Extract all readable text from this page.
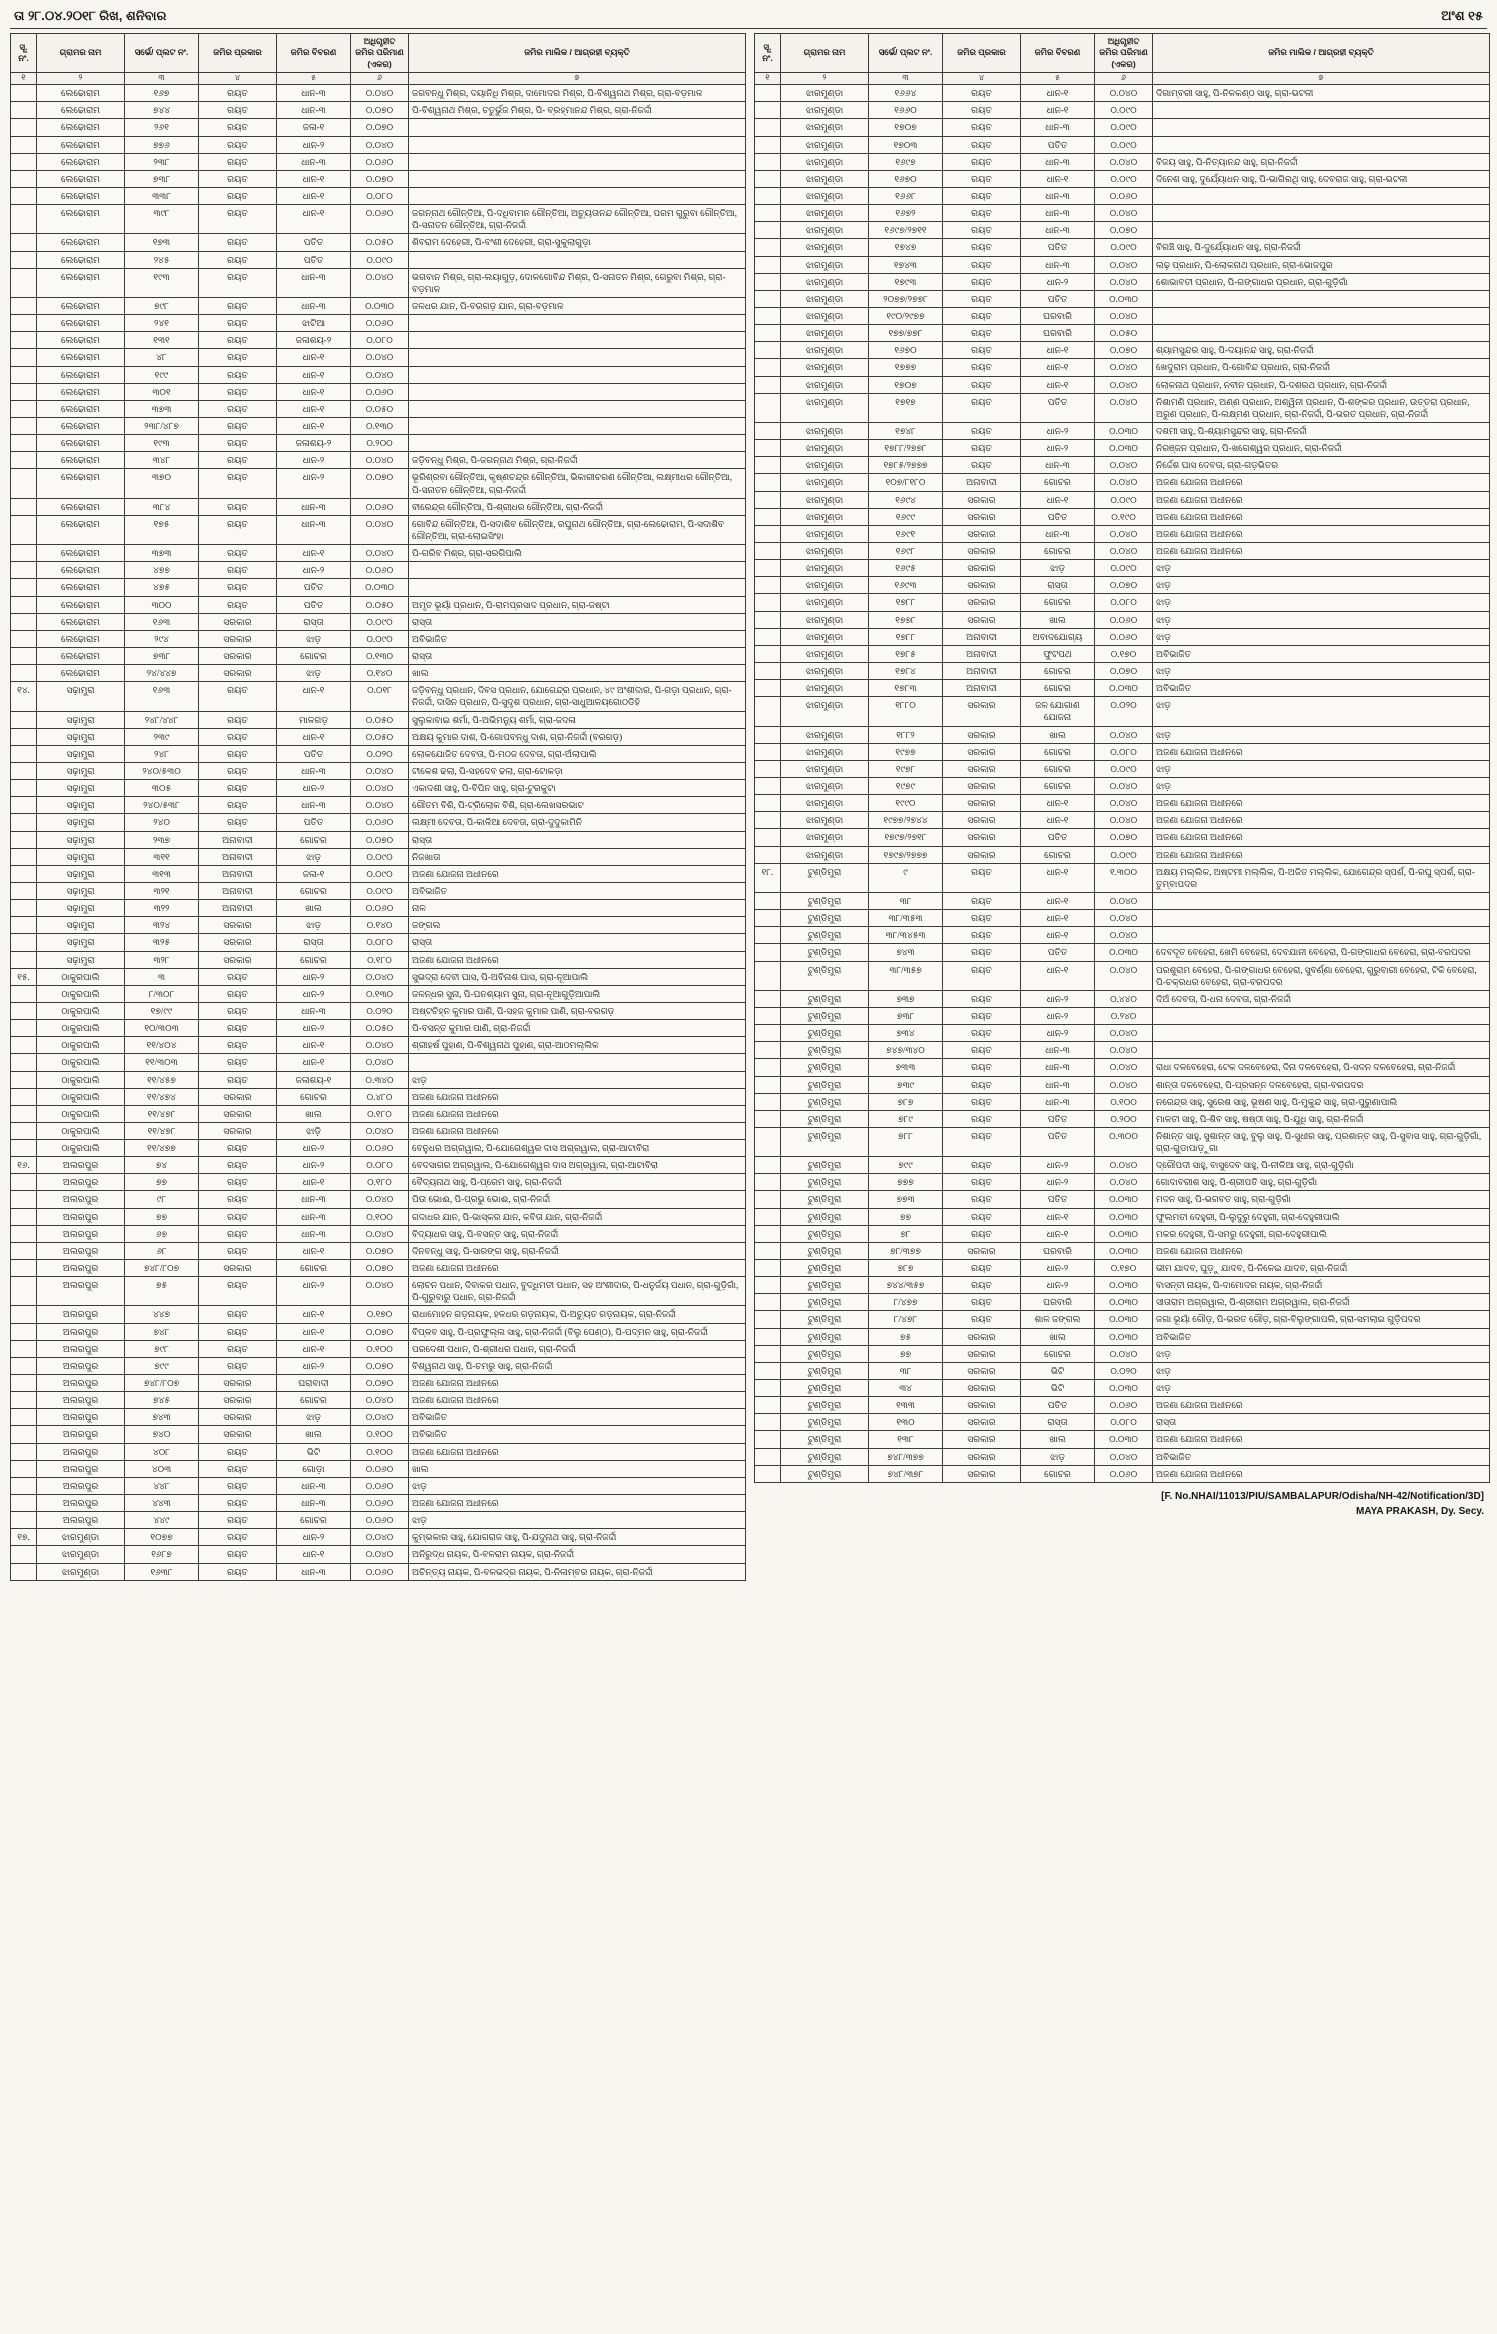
ତା ୨୮.୦୪.୨୦୧୮ ରିଖ, ଶନିବାର	ଅଂଶ ୧୫
ସୂ. ନଂ.	ଗ୍ରାମର ନାମ	ସର୍ଭେ/ ପ୍ଲଟ ନଂ.	ଜମିର ପ୍ରକାର	ଜମିର ବିବରଣ	ଅଧିଗୃହୀତ ଜମିର ପରିମାଣ (ଏକର)	ଜମିର ମାଲିକ / ଆଗ୍ରହୀ ବ୍ୟକ୍ତି
୧	୨	୩	୪	୫	୬	୭
	ଲେଢୋରାମ	୧୬୭	ରୟତ	ଧାନ-୩	୦.୦୪୦	ଜଗବନ୍ଧୁ ମିଶ୍ର, ଦୟାନିଧି ମିଶ୍ର, ଦାମୋଦର ମିଶ୍ର, ପି-ବିଶ୍ୱନାଥ ମିଶ୍ର, ଗ୍ରା-ବଡ଼ମାଳ
	ଲେଢୋରାମ	୭୪୪	ରୟତ	ଧାନ-୩	୦.୦୭୦	ପି-ବିଶ୍ୱନାଥ ମିଶ୍ର, ଚତୁର୍ଭୁଜ ମିଶ୍ର, ପି- ବ୍ରହ୍ମାନନ୍ଦ ମିଶ୍ର, ଗ୍ରା-ନିଜର୍ଦ୍ଦୀ
	ଲେଢୋରାମ	୨୬୧	ରୟତ	ଜଳା-୧	୦.୦୭୦	
	ଲେଢୋରାମ	୭୭୬	ରୟତ	ଧାନ-୨	୦.୦୪୦	
	ଲେଢୋରାମ	୨୩୮	ରୟତ	ଧାନ-୩	୦.୦୬୦	
	ଲେଢୋରାମ	୭୩୮	ରୟତ	ଧାନ-୧	୦.୦୭୦	
	ଲେଢୋରାମ	୩୩୮	ରୟତ	ଧାନ-୧	୦.୦୮୦	
	ଲେଢୋରାମ	୩୯୮	ରୟତ	ଧାନ-୧	୦.୦୬୦	ଜଗନ୍ନାଥ ଗୌନ୍ତିଆ, ପି-ଦଧିବାମନ ଗୌନ୍ତିଆ, ଅଚ୍ୟୁତାନନ୍ଦ ଗୌନ୍ତିଆ, ପରମ ଗୁରୁବା ଗୌନ୍ତିଆ, ପି-ସନାତନ ଗୌନ୍ତିଆ, ଗ୍ରା-ନିଜର୍ଦ୍ଦୀ
	ଲେଢୋରାମ	୧୭୩	ରୟତ	ପତିତ	୦.୦୫୦	ଶିବରାମ ଦେହେରୀ, ପି-ବଂଶୀ ଦେହେରୀ, ଗ୍ରା-ସୁକୁଲାଗୁଡ଼ା
	ଲେଢୋରାମ	୨୪୫	ରୟତ	ପତିତ	୦.୦୯୦	
	ଲେଢୋରାମ	୧୯୩	ରୟତ	ଧାନ-୩	୦.୦୪୦	ଭଗବାନ ମିଶ୍ର, ଗ୍ରା-ଲୟାଗୁଡ଼, ଦୋଳଗୋବିନ୍ଦ ମିଶ୍ର, ପି-ସନାତନ ମିଶ୍ର, ଗେରୁବା ମିଶ୍ର, ଗ୍ରା-ବଡ଼ମାଳ
	ଲେଢୋରାମ	୭୯୮	ରୟତ	ଧାନ-୩	୦.୦୩୦	ଜଳଧର ଯାନ, ପି-ବରଗଡ଼ ଯାନ, ଗ୍ରା-ବଡ଼ମାଳ
	ଲେଢୋରାମ	୨୪୧	ରୟତ	ଝାଟିଆ	୦.୦୬୦	
	ଲେଢୋରାମ	୧୩୧	ରୟତ	ଜଳାଶୟ-୨	୦.୦୮୦	
	ଲେଢୋରାମ	୪୮	ରୟତ	ଧାନ-୧	୦.୦୪୦	
	ଲେଢୋରାମ	୧୯୯	ରୟତ	ଧାନ-୧	୦.୦୪୦	
	ଲେଢୋରାମ	୩୦୧	ରୟତ	ଧାନ-୧	୦.୦୬୦	
	ଲେଢୋରାମ	୩୭୩	ରୟତ	ଧାନ-୧	୦.୦୫୦	
	ଲେଢୋରାମ	୨୩୮/୪୮୭	ରୟତ	ଧାନ-୧	୦.୧୩୦	
	ଲେଢୋରାମ	୧୯୩	ରୟତ	ଜଳାଶୟ-୨	୦.୨୦୦	
	ଲେଢୋରାମ	୩୪୮	ରୟତ	ଧାନ-୨	୦.୦୪୦	ଜଡ଼ିବନ୍ଧୁ ମିଶ୍ର, ପି-ଜଗନ୍ନାଥ ମିଶ୍ର, ଗ୍ରା-ନିଜର୍ଦ୍ଦୀ
	ଲେଢୋରାମ	୩୭୦	ରୟତ	ଧାନ-୨	୦.୦୭୦	ଭୂରିଶ୍ରବା ଗୌନ୍ତିଆ, କୃଷ୍ଣଚନ୍ଦ୍ର ଗୌନ୍ତିଆ, ଭିକାରୀଚରଣ ଗୌନ୍ତିଆ, ଲକ୍ଷ୍ମୀଧର ଗୌନ୍ତିଆ, ପି-ସନାତନ ଗୌନ୍ତିଆ, ଗ୍ରା-ନିଜର୍ଦ୍ଦୀ
	ଲେଢୋରାମ	୩୮୪	ରୟତ	ଧାନ-୩	୦.୦୬୦	ବୀରେନ୍ଦ୍ର ଗୌନ୍ତିଆ, ପି-ଶ୍ରୀଧର ଗୌନ୍ତିଆ, ଗ୍ରା-ନିଜର୍ଦ୍ଦୀ
	ଲେଢୋରାମ	୧୭୫	ରୟତ	ଧାନ-୩	୦.୦୪୦	ଗୋବିନ୍ଦ ଗୌନ୍ତିଆ, ପି-ସଦାଶିବ ଗୌନ୍ତିଆ, ରଘୁନାଥ ଗୌନ୍ତିଆ, ଗ୍ରା-ଲେଢୋରାମ, ପି-ସଦାଶିବ ଗୌନ୍ତିଆ, ଗ୍ରା-ଲୋଇସିଂହା
	ଲେଢୋରାମ	୩୭୩	ରୟତ	ଧାନ-୧	୦.୦୪୦	ପି-ଗରିବ ମିଶ୍ର, ଗ୍ରା-ସରଗିପାଲି
	ଲେଢୋରାମ	୪୭୭	ରୟତ	ଧାନ-୨	୦.୦୬୦	
	ଲେଢୋରାମ	୪୭୫	ରୟତ	ପତିତ	୦.୦୩୦	
	ଲେଢୋରାମ	୩୦୦	ରୟତ	ପତିତ	୦.୦୫୦	ଅମୃତ ଭୂୟାଁ ପ୍ରଧାନ, ପି-ରାମପ୍ରସାଦ ପ୍ରଧାନ, ଗ୍ରା-ଜଷ୍ଟା
	ଲେଢୋରାମ	୧୬୩	ସରକାର	ରାସ୍ତା	୦.୦୯୦	ରାସ୍ତା
	ଲେଢୋରାମ	୨୯୪	ସରକାର	ଝାଡ଼	୦.୦୯୦	ଅବିଭାଜିତ
	ଲେଢୋରାମ	୭୩୮	ସରକାର	ଗୋଚର	୦.୧୩୦	ରାସ୍ତା
	ଲେଢୋରାମ	୨୪/୪୪୭	ସରକାର	ଝାଡ଼	୦.୧୪୦	ଖାଲ
୧୪.	ସଢ଼ାମୁରା	୧୬୩	ରୟତ	ଧାନ-୧	୦.୦୧୮	ଜଡ଼ିବନ୍ଧୁ ପ୍ରଧାନ, ଦିବସ ପ୍ରଧାନ, ଯୋଗେନ୍ଦ୍ର ପ୍ରଧାନ, ୪୯ ଅଂଶୀଦାର, ପି-ଗଡ଼ା ପ୍ରଧାନ, ଗ୍ରା-ନିଜର୍ଦ୍ଦୀ, ଦାସିନ ପ୍ରଧାନ, ପି-ସୁଦୃଶ ପ୍ରଧାନ, ଗ୍ରା-ସାଧୁଆଳୟଗୋଠଡିହି
	ସଢ଼ାମୁରା	୨୪୮/୪୪୮	ରୟତ	ମାଳଗଡ଼	୦.୦୫୦	ସୁଲୁକାବାଇ ଶର୍ମା, ପି-ଅଭିମନ୍ୟୁ ଶର୍ମା, ଗ୍ରା-ଜଦଳା
	ସଢ଼ାମୁରା	୨୩୯	ରୟତ	ଧାନ-୧	୦.୦୫୦	ଅକ୍ଷୟ କୁମାର ଦାଶ, ପି-ଗୋପବନ୍ଧୁ ଦାଶ, ଗ୍ରା-ନିଜର୍ଦ୍ଦୀ (ବରଗଡ଼)
	ସଢ଼ାମୁରା	୨୪୮	ରୟତ	ପତିତ	୦.୦୨୦	ଲୋକଯୋଜିତ ଦେବତା, ପି-ମଠଜ ଦେବତା, ଗ୍ରା-ଅଁଲାପାଲି
	ସଢ଼ାମୁରା	୨୪୦/୫୩୦	ରୟତ	ଧାନ-୩	୦.୦୪୦	ଟୀକେଶ ଢଲା, ପି-ସହଦେବ ଢଲା, ଗ୍ରା-ଟୋକଡ଼ା
	ସଢ଼ାମୁରା	୩୦୫	ରୟତ	ଧାନ-୨	୦.୦୪୦	ଏକାଦଶୀ ସାହୁ, ପି-ବିପିନ ସାହୁ, ଗ୍ରା-ଟୁରକୁଟା
	ସଢ଼ାମୁରା	୨୪୦/୫୩୮	ରୟତ	ଧାନ-୩	୦.୦୪୦	ଗୌତମ ବିଶି, ପି-ଟ୍ରିଲୋକ ବିଶି, ଗ୍ରା-ଲେଖସରଭାଟ
	ସଢ଼ାମୁରା	୨୪୦	ରୟତ	ପତିତ	୦.୦୬୦	ଲକ୍ଷ୍ମୀ ଦେବତା, ପି-କାଳିଆ ଦେବତା, ଗ୍ରା-ଦୁଦୁକାମିନି
	ସଢ଼ାମୁରା	୨୩୭	ଅନାବାଦୀ	ଗୋଚର	୦.୦୭୦	ରାସ୍ତା
	ସଢ଼ାମୁରା	୩୧୧	ଅନାବାଦୀ	ଝାଡ଼	୦.୦୯୦	ନିଜଖାତା
	ସଢ଼ାମୁରା	୩୧୩	ଅନାବାଦୀ	ଜଳା-୧	୦.୦୯୦	ଅଜଣା ଯୋଜନା ଅଧୀନରେ
	ସଢ଼ାମୁରା	୩୨୧	ଅନାବାଦୀ	ଗୋଚର	୦.୦୯୦	ଅବିଭାଜିତ
	ସଢ଼ାମୁରା	୩୨୨	ଅନାବାଦୀ	ଖାଲ	୦.୦୬୦	ନାଳ
	ସଢ଼ାମୁରା	୩୨୪	ସରକାର	ଝାଡ଼	୦.୧୪୦	ଜଙ୍ଗଲ
	ସଢ଼ାମୁରା	୩୨୫	ସରକାର	ରାସ୍ତା	୦.୦୮୦	ରାସ୍ତା
	ସଢ଼ାମୁରା	୩୨୮	ସରକାର	ଗୋଚର	୦.୧୮୦	ଅଜଣା ଯୋଜନା ଅଧୀନରେ
୧୫.	ଠାକୁରପାଲି	୩	ରୟତ	ଧାନ-୨	୦.୦୪୦	ସୁଭଦ୍ରା ଦେବୀ ଘାସ, ପି-ଅବିନାଶ ଘାସ, ଗ୍ରା-ନୂଆପାଲି
	ଠାକୁରପାଲି	୮/୩୦୮	ରୟତ	ଧାନ-୨	୦.୧୩୦	ଜଳନ୍ଧର ସୁନା, ପି-ଘନଶ୍ୟାମ ସୁନା, ଗ୍ରା-ନୂଆଗୁଡ଼ିଆପାଲି
	ଠାକୁରପାଲି	୧୭/୯୯	ରୟତ	ଧାନ-୩	୦.୦୨୦	ଅଷ୍ଟଚିହ୍ନ କୁମାର ପାଣି, ପି-ସହଜ କୁମାର ପାଣି, ଗ୍ରା-ବରଗଡ଼
	ଠାକୁରପାଲି	୧୦/୩୦୩	ରୟତ	ଧାନ-୨	୦.୦୫୦	ପି-ବସନ୍ତ କୁମାର ପାଣି, ଗ୍ରା-ନିଜର୍ଦ୍ଦୀ
	ଠାକୁରପାଲି	୧୧/୪୦୪	ରୟତ	ଧାନ-୧	୦.୦୪୦	ଶ୍ରୀହର୍ଷ ପୁହାଣ, ପି-ବିଶ୍ୱନାଥ ପୁହାଣ, ଗ୍ରା-ଆଠମଲ୍ଲିକ
	ଠାକୁରପାଲି	୧୧/୩୦୩	ରୟତ	ଧାନ-୧	୦.୦୪୦	
	ଠାକୁରପାଲି	୧୧/୪୫୭	ରୟତ	ଜଳାଶୟ-୧	୦.୩୪୦	ଝାଡ଼
	ଠାକୁରପାଲି	୧୧/୪୭୪	ସରକାର	ଗୋଚର	୦.୪୮୦	ଅଜଣା ଯୋଜନା ଅଧୀନରେ
	ଠାକୁରପାଲି	୧୧/୪୭୮	ସରକାର	ଖାଲ	୦.୧୮୦	ଅଜଣା ଯୋଜନା ଅଧୀନରେ
	ଠାକୁରପାଲି	୧୧/୪୭୮	ସରକାର	ଝାଡ଼ି	୦.୦୪୦	ଅଜଣା ଯୋଜନା ଅଧୀନରେ
	ଠାକୁରପାଲି	୧୧/୪୭୭	ରୟତ	ଧାନ-୨	୦.୦୬୦	ବେନୁଧର ଅଗ୍ରୱାଲ, ପି-ଯୋଗେଶ୍ୱର ଦାସ ଅଗ୍ରୱାଲ, ଗ୍ରା-ଆଟାବିରା
୧୬.	ଅଲରପୁର	୭୪	ରୟତ	ଧାନ-୨	୦.୦୮୦	ବେଦସାଗର ଅଗ୍ରୱାଲ, ପି-ଯୋଗେଶ୍ୱର ଦାସ ଅଗ୍ରୱାଲ, ଗ୍ରା-ଆଟାବିରା
	ଅଲରପୁର	୭୭	ରୟତ	ଧାନ-୧	୦.୧୮୦	ବୈଦ୍ୟନାଥ ସାହୁ, ପି-ପ୍ରେମ ସାହୁ, ଗ୍ରା-ନିଜର୍ଦ୍ଦୀ
	ଅଲରପୁର	୯୮	ରୟତ	ଧାନ-୩	୦.୦୪୦	ପିଉ ଭୋଈ, ପି-ପ୍ରଭୁ ଭୋଈ, ଗ୍ରା-ନିଜର୍ଦ୍ଦୀ
	ଅଲରପୁର	୭୭	ରୟତ	ଧାନ-୩	୦.୧୦୦	ଗଦାଧର ଯାନ, ପି-ଭାସ୍କର ଯାନ, କବିତା ଯାନ, ଗ୍ରା-ନିଜର୍ଦ୍ଦୀ
	ଅଲରପୁର	୬୭	ରୟତ	ଧାନ-୩	୦.୦୪୦	ବିଦ୍ୟାଧର ସାହୁ, ପି-ବସନ୍ତ ସାହୁ, ଗ୍ରା-ନିଜର୍ଦ୍ଦୀ
	ଅଲରପୁର	୬୮	ରୟତ	ଧାନ-୧	୦.୦୭୦	ଦିନବନ୍ଧୁ ସାହୁ, ପି-ସାରଙ୍ଗ ସାହୁ, ଗ୍ରା-ନିଜର୍ଦ୍ଦୀ
	ଅଲରପୁର	୭୪୮/୮୦୭	ସରକାର	ଗୋଚର	୦.୦୭୦	ଅଜଣା ଯୋଜନା ଅଧୀନରେ
	ଅଲରପୁର	୭୫	ରୟତ	ଧାନ-୨	୦.୦୪୦	ଲୋଚନ ପଧାନ, ଦିବାକର ପଧାନ, ବୁଦ୍ଧିମତୀ ପଧାନ, ସହ ଅଂଶୀଦାର, ପି-ଧନୁର୍ଜୟ ପଧାନ, ଗ୍ରା-ଗୁଡ଼ିଗାଁ, ପି-ଗୁରୁବାରୁ ପଧାନ, ଗ୍ରା-ନିଜର୍ଦ୍ଦୀ
	ଅଲରପୁର	୪୪୭	ରୟତ	ଧାନ-୧	୦.୧୭୦	ରାଧାମୋହନ ଗଡ଼ନାୟକ, ହଳଧର ଗଡ଼ନାୟକ, ପି-ଅଚ୍ୟୁତ ଗଡ଼ନାୟକ, ଗ୍ରା-ନିଜର୍ଦ୍ଦୀ
	ଅଲରପୁର	୭୪୮	ରୟତ	ଧାନ-୧	୦.୦୭୦	ବିପ୍ଳବ ସାହୁ, ପି-ପ୍ରଫୁଲ୍ଲ ସାହୁ, ଗ୍ରା-ନିଜର୍ଦ୍ଦୀ (ବିଲୁ ପେଣ୍ଠ), ପି-ପଦ୍ମନ ସାହୁ, ଗ୍ରା-ନିଜର୍ଦ୍ଦୀ
	ଅଲରପୁର	୭୯୮	ରୟତ	ଧାନ-୧	୦.୧୦୦	ପରଦେଶୀ ପଧାନ, ପି-ଶ୍ରୀଧର ପଧାନ, ଗ୍ରା-ନିଜର୍ଦ୍ଦୀ
	ଅଲରପୁର	୭୯୯	ରୟତ	ଧାନ-୨	୦.୦୭୦	ବିଶ୍ୱନାଥ ସାହୁ, ପି-ଚମରୁ ସାହୁ, ଗ୍ରା-ନିଜର୍ଦ୍ଦୀ
	ଅଲରପୁର	୭୪୮/୮୦୭	ସରକାର	ଘରାବାଦୀ	୦.୦୭୦	ଅଜଣା ଯୋଜନା ଅଧୀନରେ
	ଅଲରପୁର	୭୪୫	ସରକାର	ଗୋଚର	୦.୦୪୦	ଅଜଣା ଯୋଜନା ଅଧୀନରେ
	ଅଲରପୁର	୭୪୩	ସରକାର	ଝାଡ଼	୦.୦୪୦	ଅବିଭାଜିତ
	ଅଲରପୁର	୭୪୦	ସରକାର	ଖାଲ	୦.୧୦୦	ଅବିଭାଜିତ
	ଅଲରପୁର	୪୦୮	ରୟତ	ଭିଟି	୦.୧୦୦	ଅଜଣା ଯୋଜନା ଅଧୀନରେ
	ଅଲରପୁର	୪୦୩	ରୟତ	ଗୋଡ଼ା	୦.୦୬୦	ଖାଲ
	ଅଲରପୁର	୪୪୮	ରୟତ	ଧାନ-୩	୦.୦୬୦	ଝାଡ଼
	ଅଲରପୁର	୪୪୩	ରୟତ	ଧାନ-୩	୦.୦୬୦	ଅଜଣା ଯୋଜନା ଅଧୀନରେ
	ଅଲରପୁର	୪୪୯	ରୟତ	ଗୋଚର	୦.୦୬୦	ଝାଡ଼
୧୭.	ଝାରମୁଣ୍ଡା	୧୦୭୭	ରୟତ	ଧାନ-୨	୦.୦୪୦	କୁମ୍ଭକାର ସାହୁ, ଯୋଗରାଜ ସାହୁ, ପି-ଯଦୁନାଥ ସାହୁ, ଗ୍ରା-ନିଜର୍ଦ୍ଦୀ
	ଝାରମୁଣ୍ଡା	୧୬୮୭	ରୟତ	ଧାନ-୧	୦.୦୪୦	ଅନିରୁଦ୍ଧ ନାୟକ, ପି-ବଳରାମ ନାୟକ, ଗ୍ରା-ନିଜର୍ଦ୍ଦୀ
	ଝାରମୁଣ୍ଡା	୧୬୩୮	ରୟତ	ଧାନ-୩	୦.୦୬୦	ଅଚିନ୍ତ୍ୟ ନାୟକ, ପି-ବଳଭଦ୍ର ନାୟକ, ପି-ନିଳାମ୍ବର ନାୟକ, ଗ୍ରା-ନିଜର୍ଦ୍ଦୀ
ସୂ. ନଂ.	ଗ୍ରାମର ନାମ	ସର୍ଭେ/ ପ୍ଲଟ ନଂ.	ଜମିର ପ୍ରକାର	ଜମିର ବିବରଣ	ଅଧିଗୃହୀତ ଜମିର ପରିମାଣ (ଏକର)	ଜମିର ମାଲିକ / ଆଗ୍ରହୀ ବ୍ୟକ୍ତି
୧	୨	୩	୪	୫	୬	୭
	ଝାରମୁଣ୍ଡା	୧୬୬୪	ରୟତ	ଧାନ-୧	୦.୦୪୦	ଦିଗାମ୍ବରୀ ସାହୁ, ପି-ନିଳକଣ୍ଠ ସାହୁ, ଗ୍ରା-ଭଟଳୀ
	ଝାରମୁଣ୍ଡା	୧୬୬୦	ରୟତ	ଧାନ-୧	୦.୦୯୦	
	ଝାରମୁଣ୍ଡା	୧୭୦୭	ରୟତ	ଧାନ-୩	୦.୦୯୦	
	ଝାରମୁଣ୍ଡା	୧୭୦୩	ରୟତ	ପତିତ	୦.୦୯୦	
	ଝାରମୁଣ୍ଡା	୧୬୯୭	ରୟତ	ଧାନ-୩	୦.୦୪୦	ବିଜୟ ସାହୁ, ପି-ନିତ୍ୟାନନ୍ଦ ସାହୁ, ଗ୍ରା-ନିଜର୍ଦ୍ଦୀ
	ଝାରମୁଣ୍ଡା	୧୬୭୦	ରୟତ	ଧାନ-୧	୦.୦୯୦	ଦିନେଶ ସାହୁ, ଦୁର୍ଯ୍ୟୋଧନ ସାହୁ, ପି-ଭାଗିରଥି ସାହୁ, ଦେବରାଜ ସାହୁ, ଗ୍ରା-ଭଟଳୀ
	ଝାରମୁଣ୍ଡା	୧୬୬୮	ରୟତ	ଧାନ-୩	୦.୦୬୦	
	ଝାରମୁଣ୍ଡା	୧୬୭୨	ରୟତ	ଧାନ-୩	୦.୦୪୦	
	ଝାରମୁଣ୍ଡା	୧୬୯୭/୨୭୧୧	ରୟତ	ଧାନ-୩	୦.୦୭୦	
	ଝାରମୁଣ୍ଡା	୧୭୪୭	ରୟତ	ପତିତ	୦.୦୯୦	ବିରଞ୍ଚି ସାହୁ, ପି-ଦୁର୍ଯ୍ୟୋଧନ ସାହୁ, ଗ୍ରା-ନିଜର୍ଦ୍ଦୀ
	ଝାରମୁଣ୍ଡା	୧୭୪୩	ରୟତ	ଧାନ-୩	୦.୦୪୦	ଲଢ଼ ପ୍ରଧାନ, ପି-ଲୋକନାଥ ପ୍ରଧାନ, ଗ୍ରା-ଭୋଜପୁର
	ଝାରମୁଣ୍ଡା	୧୭୯୩	ରୟତ	ଧାନ-୨	୦.୦୪୦	ଶୋଭାବତୀ ପ୍ରଧାନ, ପି-ଗଙ୍ଗାଧର ପ୍ରଧାନ, ଗ୍ରା-ଗୁଡ଼ିଗାଁ
	ଝାରମୁଣ୍ଡା	୨୦୭୭/୨୭୭୮	ରୟତ	ପତିତ	୦.୦୩୦	
	ଝାରମୁଣ୍ଡା	୧୯୦/୨୯୭୭	ରୟତ	ଘରବାରି	୦.୦୪୦	
	ଝାରମୁଣ୍ଡା	୧୭୭/୭୭୮	ରୟତ	ଘରବାରି	୦.୦୫୦	
	ଝାରମୁଣ୍ଡା	୧୬୭୦	ରୟତ	ଧାନ-୧	୦.୦୭୦	ଶ୍ୟାମସୁନ୍ଦର ସାହୁ, ପି-ଦୟାନନ୍ଦ ସାହୁ, ଗ୍ରା-ନିଜର୍ଦ୍ଦୀ
	ଝାରମୁଣ୍ଡା	୧୭୭୭	ରୟତ	ଧାନ-୧	୦.୦୪୦	ଖେଦୁରାମ ପ୍ରଧାନ, ପି-ଗୋବିନ୍ଦ ପ୍ରଧାନ, ଗ୍ରା-ନିଜର୍ଦ୍ଦୀ
	ଝାରମୁଣ୍ଡା	୧୭୦୭	ରୟତ	ଧାନ-୧	୦.୦୪୦	ଲୋକନାଥ ପ୍ରଧାନ, ନବୀନ ପ୍ରଧାନ, ପି-ଦଶରଥ ପ୍ରଧାନ, ଗ୍ରା-ନିଜର୍ଦ୍ଦୀ
	ଝାରମୁଣ୍ଡା	୧୭୧୭	ରୟତ	ପତିତ	୦.୦୪୦	ନିଶାମଣି ପ୍ରଧାନ, ଅଣ୍ଣ ପ୍ରଧାନ, ଅଶ୍ୱିନୀ ପ୍ରଧାନ, ପି-ଶଙ୍କର ପ୍ରଧାନ, ଉତ୍ତରା ପ୍ରଧାନ, ଅରୁଣ ପ୍ରଧାନ, ପି-ଲକ୍ଷ୍ମଣ ପ୍ରଧାନ, ଗ୍ରା-ନିଜର୍ଦ୍ଦୀ, ପି-ଭରତ ପ୍ରଧାନ, ଗ୍ରା-ନିଜର୍ଦ୍ଦୀ
	ଝାରମୁଣ୍ଡା	୧୭୪୮	ରୟତ	ଧାନ-୨	୦.୦୩୦	ଦଶମୀ ସାହୁ, ପି-ଶ୍ୟାମସୁନ୍ଦର ସାହୁ, ଗ୍ରା-ନିଜର୍ଦ୍ଦୀ
	ଝାରମୁଣ୍ଡା	୧୭୮୮/୨୭୭୮	ରୟତ	ଧାନ-୨	୦.୦୩୦	ନିରଞ୍ଜନ ପ୍ରଧାନ, ପି-ଖଗେଶ୍ୱର ପ୍ରଧାନ, ଗ୍ରା-ନିଜର୍ଦ୍ଦୀ
	ଝାରମୁଣ୍ଡା	୧୭୮୫/୨୭୭୭	ରୟତ	ଧାନ-୩	୦.୦୪୦	ନିର୍ଦ୍ଦେଶ ଘାସ ଦେବତା, ଗ୍ରା-ଗଡ଼ଭିତର
	ଝାରମୁଣ୍ଡା	୧୦୭/୮୧୮୦	ଅନାବାଦୀ	ଗୋଚର	୦.୦୪୦	ଅଜଣା ଯୋଜନା ଅଧୀନରେ
	ଝାରମୁଣ୍ଡା	୧୬୯୪	ସରକାର	ଧାନ-୧	୦.୦୯୦	ଅଜଣା ଯୋଜନା ଅଧୀନରେ
	ଝାରମୁଣ୍ଡା	୧୬୯୯	ସରକାର	ପତିତ	୦.୧୯୦	ଅଜଣା ଯୋଜନା ଅଧୀନରେ
	ଝାରମୁଣ୍ଡା	୧୬୯୧	ସରକାର	ଧାନ-୩	୦.୦୪୦	ଅଜଣା ଯୋଜନା ଅଧୀନରେ
	ଝାରମୁଣ୍ଡା	୧୬୯୮	ସରକାର	ଗୋଚର	୦.୦୪୦	ଅଜଣା ଯୋଜନା ଅଧୀନରେ
	ଝାରମୁଣ୍ଡା	୧୬୯୫	ସରକାର	ଝାଡ଼	୦.୦୯୦	ଝାଡ଼
	ଝାରମୁଣ୍ଡା	୧୬୯୩	ସରକାର	ରାସ୍ତା	୦.୦୭୦	ଝାଡ଼
	ଝାରମୁଣ୍ଡା	୧୭୮୮	ସରକାର	ଗୋଚର	୦.୦୮୦	ଝାଡ଼
	ଝାରମୁଣ୍ଡା	୧୭୭୮	ସରକାର	ଖାଲ	୦.୦୬୦	ଝାଡ଼
	ଝାରମୁଣ୍ଡା	୧୭୮୮	ଅନାବାଦୀ	ଅବାଦଯୋଗ୍ୟ	୦.୦୬୦	ଝାଡ଼
	ଝାରମୁଣ୍ଡା	୧୭୮୫	ଅନାବାଦୀ	ଫୁଟପଥ	୦.୧୭୦	ଅବିଭାଜିତ
	ଝାରମୁଣ୍ଡା	୧୭୮୪	ଅନାବାଦୀ	ଗୋଚର	୦.୦୭୦	ଝାଡ଼
	ଝାରମୁଣ୍ଡା	୧୭୮୩	ଅନାବାଦୀ	ଗୋଚର	୦.୦୩୦	ଅବିଭାଜିତ
	ଝାରମୁଣ୍ଡା	୧୮୮୦	ସରକାର	ଜଳ ଯୋଗାଣ ଯୋଜନା	୦.୦୨୦	ଝାଡ଼
	ଝାରମୁଣ୍ଡା	୧୮୮୨	ସରକାର	ଖାଲ	୦.୦୪୦	ଝାଡ଼
	ଝାରମୁଣ୍ଡା	୧୯୭୭	ସରକାର	ଗୋଚର	୦.୦୮୦	ଅଜଣା ଯୋଜନା ଅଧୀନରେ
	ଝାରମୁଣ୍ଡା	୧୯୭୮	ସରକାର	ଗୋଚର	୦.୦୯୦	ଝାଡ଼
	ଝାରମୁଣ୍ଡା	୧୯୭୯	ସରକାର	ଗୋଚର	୦.୦୪୦	ଝାଡ଼
	ଝାରମୁଣ୍ଡା	୧୯୯୦	ସରକାର	ଧାନ-୧	୦.୦୪୦	ଅଜଣା ଯୋଜନା ଅଧୀନରେ
	ଝାରମୁଣ୍ଡା	୧୯୭୭/୨୭୪୪	ସରକାର	ଧାନ-୧	୦.୦୪୦	ଅଜଣା ଯୋଜନା ଅଧୀନରେ
	ଝାରମୁଣ୍ଡା	୧୭୯୭/୨୭୧୮	ସରକାର	ପତିତ	୦.୦୭୦	ଅଜଣା ଯୋଜନା ଅଧୀନରେ
	ଝାରମୁଣ୍ଡା	୧୭୯୭/୨୭୭୭	ସରକାର	ଗୋଚର	୦.୦୯୦	ଅଜଣା ଯୋଜନା ଅଧୀନରେ
୧୮.	ଟୁଣ୍ଡିମୁରା	୯	ରୟତ	ଧାନ-୧	୧.୩୦୦	ଅକ୍ଷୟ ମଲ୍ଲିକ, ଅଷ୍ଟମୀ ମଲ୍ଲିକ, ପି-ଅଜିତ ମଲ୍ଲିକ, ଯୋଗେନ୍ଦ୍ର ସ୍ପର୍ଶ, ପି-ରଘୁ ସ୍ପର୍ଶ, ଗ୍ରା-ତୁମ୍ବାପଦର
	ଟୁଣ୍ଡିମୁରା	୩୮	ରୟତ	ଧାନ-୧	୦.୦୪୦	
	ଟୁଣ୍ଡିମୁରା	୩୮/୩୫୩	ରୟତ	ଧାନ-୧	୦.୦୪୦	
	ଟୁଣ୍ଡିମୁରା	୩୮/୩୪୫୩	ରୟତ	ଧାନ-୧	୦.୦୪୦	
	ଟୁଣ୍ଡିମୁରା	୭୪୩	ରୟତ	ପତିତ	୦.୦୩୦	ଦେବଦୂତ ବେହେରା, ଖେମି ବେହେରା, ଦେବଯାନୀ ବେହେରା, ପି-ଗଙ୍ଗାଧର ବେହେରା, ଗ୍ରା-ବରପଦର
	ଟୁଣ୍ଡିମୁରା	୩୮/୩୫୭	ରୟତ	ଧାନ-୧	୦.୦୪୦	ପରଶୁରାମ ବେହେରା, ପି-ଗଙ୍ଗାଧର ବେହେରା, ସୁବର୍ଣ୍ଣା ବେହେରା, ଗୁରୁବାରୀ ବେହେରା, ଟିକି ବେହେରା, ପି-ଚକ୍ରଧର ବେହେରା, ଗ୍ରା-ବରପଦର
	ଟୁଣ୍ଡିମୁରା	୭୩୭	ରୟତ	ଧାନ-୨	୦.୪୪୦	ଦିଅଁ ଦେବତା, ପି-ଧନା ଦେବତା, ଗ୍ରା-ନିଜର୍ଦ୍ଦୀ
	ଟୁଣ୍ଡିମୁରା	୭୩୮	ରୟତ	ଧାନ-୨	୦.୨୪୦	
	ଟୁଣ୍ଡିମୁରା	୭୩୪	ରୟତ	ଧାନ-୨	୦.୦୪୦	
	ଟୁଣ୍ଡିମୁରା	୭୪୭/୩୪୦	ରୟତ	ଧାନ-୩	୦.୦୪୦	
	ଟୁଣ୍ଡିମୁରା	୭୩୩	ରୟତ	ଧାନ-୩	୦.୦୪୦	ରାଧା ଦଳବେହେରା, ଟେକ ଦଳବେହେରା, ଦିନା ଦଳବେହେରା, ପି-ସଦନ ଦଳବେହେରା, ଗ୍ରା-ନିଜର୍ଦ୍ଦୀ
	ଟୁଣ୍ଡିମୁରା	୭୩୯	ରୟତ	ଧାନ-୩	୦.୦୪୦	ଶାନ୍ତା ଦଳବେହେରା, ପି-ପ୍ରସନ୍ନ ଦଳବେହେରା, ଗ୍ରା-ବରପଦର
	ଟୁଣ୍ଡିମୁରା	୭୮୭	ରୟତ	ଧାନ-୩	୦.୧୦୦	ନରେନ୍ଦ୍ର ସାହୁ, ସୁରେଶ ସାହୁ, ଭୂଷଣ ସାହୁ, ପି-ମୁକୁନ୍ଦ ସାହୁ, ଗ୍ରା-ପୁରୁଣାପାଲି
	ଟୁଣ୍ଡିମୁରା	୭୮୯	ରୟତ	ପତିତ	୦.୨୦୦	ମାଳତୀ ସାହୁ, ପି-ଶିବ ସାହୁ, ଷଷ୍ଠୀ ସାହୁ, ପି-ଯୁଧି ସାହୁ, ଗ୍ରା-ନିଜର୍ଦ୍ଦୀ
	ଟୁଣ୍ଡିମୁରା	୭୮୮	ରୟତ	ପତିତ	୦.୩୦୦	ନିଶାନ୍ତ ସାହୁ, ସୁଶାନ୍ତ ସାହୁ, ବୁଲୁ ସାହୁ, ପି-ସୁଧୀର ସାହୁ, ପ୍ରଶାନ୍ତ ସାହୁ, ପି-ସୁବାସ ସାହୁ, ଗ୍ରା-ଗୁଡ଼ିଗାଁ, ଗ୍ରା-ଗୁଡାପାଡ଼ୁଗା
	ଟୁଣ୍ଡିମୁରା	୭୯୯	ରୟତ	ଧାନ-୨	୦.୦୪୦	ଦ୍ରୌପଦୀ ସାହୁ, ବାସୁଦେବ ସାହୁ, ପି-ନୀଳିଆ ସାହୁ, ଗ୍ରା-ଗୁଡ଼ିଗାଁ
	ଟୁଣ୍ଡିମୁରା	୭୭୭	ରୟତ	ଧାନ-୨	୦.୦୪୦	ଗୋଦାବରୀଶ ସାହୁ, ପି-ଶ୍ରୀପତି ସାହୁ, ଗ୍ରା-ଗୁଡ଼ିଗାଁ
	ଟୁଣ୍ଡିମୁରା	୭୭୩	ରୟତ	ପତିତ	୦.୦୩୦	ମଦନ ସାହୁ, ପି-ଭଗବତ ସାହୁ, ଗ୍ରା-ଗୁଡ଼ିଗାଁ
	ଟୁଣ୍ଡିମୁରା	୭୭	ରୟତ	ଧାନ-୧	୦.୦୩୦	ଫୁଲମତୀ ଦେହୁରୀ, ପି-ଲୁଦୁରୁ ଦେହୁରୀ, ଗ୍ରା-ଦେହୁରୀପାଲି
	ଟୁଣ୍ଡିମୁରା	୭୮	ରୟତ	ଧାନ-୧	୦.୦୩୦	ମକର ଦେହୁରୀ, ପି-ସମରୁ ଦେହୁରୀ, ଗ୍ରା-ଦେହୁରୀପାଲି
	ଟୁଣ୍ଡିମୁରା	୭୮/୩୭୭	ସରକାର	ଘରବାରି	୦.୦୩୦	ଅଜଣା ଯୋଜନା ଅଧୀନରେ
	ଟୁଣ୍ଡିମୁରା	୭୮୭	ରୟତ	ଧାନ-୨	୦.୧୭୦	ଭୀମ ଯାଦବ, ଘୁଡ଼ୁ ଯାଦବ, ପି-ନିଳେଇ ଯାଦବ, ଗ୍ରା-ନିଜର୍ଦ୍ଦୀ
	ଟୁଣ୍ଡିମୁରା	୭୪୪/୩୫୭	ରୟତ	ଧାନ-୨	୦.୦୩୦	ବାସନ୍ତୀ ନାୟକ, ପି-ଦାମୋଦର ନାୟକ, ଗ୍ରା-ନିଜର୍ଦ୍ଦୀ
	ଟୁଣ୍ଡିମୁରା	୮/୪୭୭	ରୟତ	ଘରବାରି	୦.୦୩୦	ସୀତାରାମ ଅଗ୍ରୱାଲ, ପି-ଶ୍ରୀରାମ ଅଗ୍ରୱାଲ, ଗ୍ରା-ନିଜର୍ଦ୍ଦୀ
	ଟୁଣ୍ଡିମୁରା	୮/୪୭୮	ରୟତ	ଶାଳ ଜଙ୍ଗଲ	୦.୦୩୦	ଜଗା ଭୂୟାଁ ଗୌଡ଼, ପି-ଭରତ ଗୌଡ଼, ଗ୍ରା-ବିଲୁଙ୍ଗାପଲି, ଗ୍ରା-ସମଲାଇ ଗୁଡ଼ିପଦର
	ଟୁଣ୍ଡିମୁରା	୭୫	ସରକାର	ଖାଲ	୦.୦୩୦	ଅବିଭାଜିତ
	ଟୁଣ୍ଡିମୁରା	୭୭	ସରକାର	ଗୋଚର	୦.୦୪୦	ଝାଡ଼
	ଟୁଣ୍ଡିମୁରା	୩୮	ସରକାର	ଭିଟି	୦.୦୨୦	ଝାଡ଼
	ଟୁଣ୍ଡିମୁରା	୩୪	ସରକାର	ଭିଟି	୦.୦୩୦	ଝାଡ଼
	ଟୁଣ୍ଡିମୁରା	୧୩୩	ସରକାର	ପତିତ	୦.୦୬୦	ଅଜଣା ଯୋଜନା ଅଧୀନରେ
	ଟୁଣ୍ଡିମୁରା	୧୩୦	ସରକାର	ରାସ୍ତା	୦.୦୮୦	ରାସ୍ତା
	ଟୁଣ୍ଡିମୁରା	୧୩୮	ସରକାର	ଖାଲ	୦.୦୩୦	ଅଜଣା ଯୋଜନା ଅଧୀନରେ
	ଟୁଣ୍ଡିମୁରା	୭୪୮/୩୭୭	ସରକାର	ଝାଡ଼	୦.୦୪୦	ଅବିଭାଜିତ
	ଟୁଣ୍ଡିମୁରା	୭୪୮/୩୭୮	ସରକାର	ଗୋଚର	୦.୦୬୦	ଅଜଣା ଯୋଜନା ଅଧୀନରେ
[F. No.NHAI/11013/PIU/SAMBALAPUR/Odisha/NH-42/Notification/3D]
MAYA PRAKASH, Dy. Secy.
